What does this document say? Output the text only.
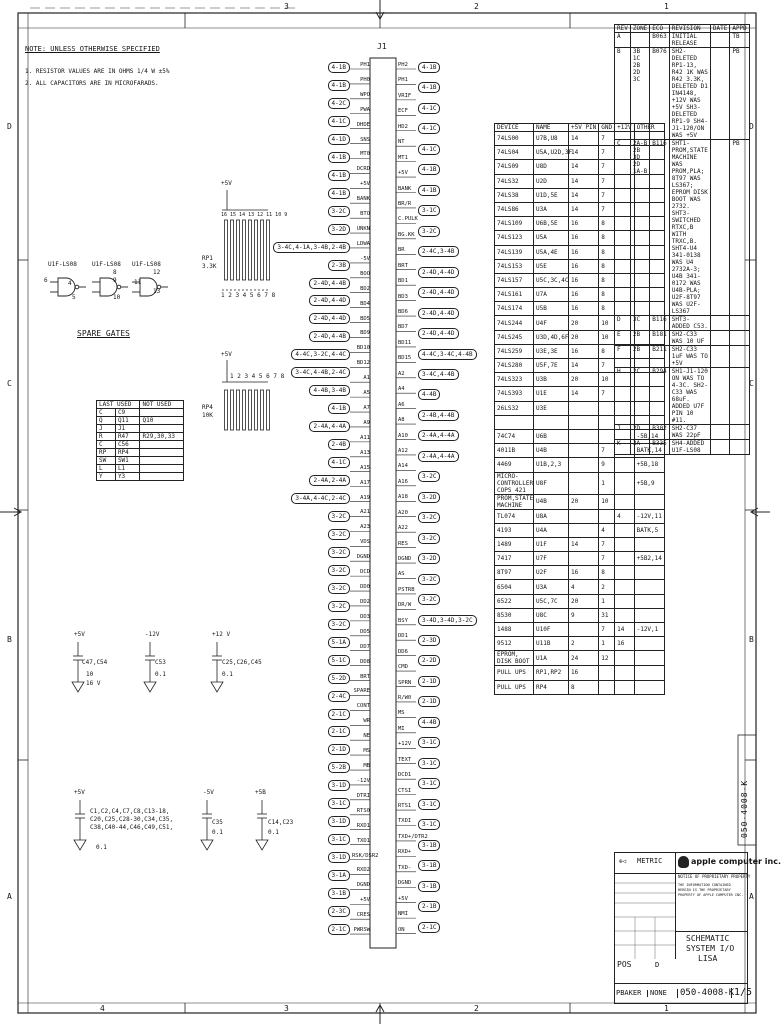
3	2	1
4	3	2	1
D
C
B
A
D
C
B
A
NOTE: UNLESS OTHERWISE SPECIFIED
1. RESISTOR VALUES ARE IN OHMS 1/4 W ±5%
2. ALL CAPACITORS ARE IN MICROFARADS.
U1F-LS08	U1F-LS08 U1F-LS08
6
5
4
8
9
10
11
12
13
SPARE GATES
+5V
16 15 14 13 12 11 10 9
1 2 3 4 5 6 7 8
RP1
3.3K
+5V
1 2 3 4 5 6 7 8
RP4
10K
LAST USED		NOT USED
C	C9	
Q	Q11	Q10
J	J1	
R	R47	R29,30,33
C	C56	
RP	RP4	
SW	SW1	
L	L1	
Y	Y3	
+5V
C47,C54
10
16 V
-12V
C53
0.1
+12 V
C25,C26,C45
0.1
+5V
C1,C2,C4,C7,C8,C13-18, C20,C25,C28-30,C34,C35, C38,C40-44,C46,C49,C51,
0.1
-5V
C35
0.1
+5B
C14,C23
0.1
J1
PH1
PH0
WPO
PWA
DHDE
SNS
MT0
DCRD
+5V
BANK
BTO
UNKN
LDWA
-5V
BOO
BD2
BD4
BD5
BD9
BD10
BD12
A1
A5
A7
A9
A11
A13
A15
A17
A19
A21
A23
VDS
DGND
DCD
DD0
DD2
DD3
DD5
DD7
DD8
BRT
SPARE
CONT
WR
NE
MS
MB
-12V
DTRI
RTS0
RXD1
TXD1
RSK/DSR2
RXD2
DGND
+5V
CRES
PWRSW
PH2
PH1
VRIF
ECF
HD2
NT
MT1
+5V
BANK
BR/R
C.PULK
BG.KK
BR
BRT
BD1
BD3
BD6
BD7
BD11
BD15
A2
A4
A6
A8
A10
A12
A14
A16
A18
A20
A22
RES
DGND
AS
PSTRB
DR/W
BSY
DD1
DD6
CMD
SPRN
R/W0
MS
MI
+12V
TEXT
DCD1
CTSI
RTS1
TXDI
TXD+/DTR2
RXD+
TXD-
DGND
+5V
NMI
ON
4-1B
4-1B
4-2C
4-1C
4-1D
4-1B
4-1B
4-1B
3-2C
3-2D
3-4C,4-1A,3-4B,2-4B
2-3B
2-4D,4-4B
2-4D,4-4D
2-4D,4-4D
2-4D,4-4B
4-4C,3-2C,4-4C
3-4C,4-4B,2-4C
4-4B,3-4B
4-1B
2-4A,4-4A
2-4B
4-1C
2-4A,2-4A
3-4A,4-4C,2-4C
3-2C
3-2C
3-2C
3-2C
3-2C
3-2C
3-2C
5-1A
5-1C
5-2D
2-4C
2-1C
2-1C
2-1D
5-2B
3-1D
3-1C
3-1D
3-1C
3-1D
3-1A
3-1B
2-3C
2-1C
4-1B
4-1B
4-1C
4-1C
4-1C
4-1B
4-1B
3-1C
3-2C
2-4C,3-4B
2-4D,4-4D
2-4D,4-4D
2-4D,4-4D
2-4D,4-4D
4-4C,3-4C,4-4B
3-4C,4-4B
4-4B
2-4B,4-4B
2-4A,4-4A
2-4A,4-4A
3-2C
3-2D
3-2C
3-2C
3-2D
3-2C
3-2C
3-4D,3-4D,3-2C
2-3D
2-2D
2-1D
2-1D
4-4B
3-1C
3-1C
3-1C
3-1C
3-1C
3-1B
3-1B
3-1B
2-1B
2-1C
DEVICE	NAME	+5V PIN	GND	+12V	OTHER
74LS00	U7B,U8	14	7		
74LS04	U5A,U2D,3F	14	7		
74LS09	U8D	14	7		
74LS32	U2D	14	7		
74LS38	U1D,5E	14	7		
74LS86	U3A	14	7		
74LS109	U6B,5E	16	8		
74LS123	U5A	16	8		
74LS139	U5A,4E	16	8		
74LS153	U5E	16	8		
74LS157	U5C,3C,4C	16	8		
74LS161	U7A	16	8		
74LS174	U5B	16	8		
74LS244	U4F	20	10		
74LS245	U3D,4D,6F	20	10		
74LS259	U3E,3E	16	8		
74LS280	U5F,7E	14	7		
74LS323	U3B	20	10		
74LS393	U1E	14	7		
26LS32	U3E				

74C74	U6B				-5B,14
4011B	U4B		7		BATK,14
4469	U1B,2,3		9		+5B,18
MICRO-CONTROLLER COPS 421	U8F		1		+5B,9
PROM,STATE MACHINE	U4B	20	10		
TL074	U8A			4	-12V,11
4193	U4A		4		BATK,5
1489	U1F	14	7		
7417	U7F		7		+5B2,14
8T97	U2F	16	8		
6504	U3A	4	2		
6522	U5C,7C	20	1		
8530	U8C	9	31		
1488	U10F		7	14	-12V,1
9512	U11B	2	1	16	
EPROM, DISK BOOT	U1A	24	12		
PULL UPS	RP1,RP2	16			
PULL UPS	RP4	8			
REV	ZONE	ECO	REVISION	DATE	APPD
A		B063	INITIAL RELEASE		TB
B	3B 1C 2B 2D 3C	B076	SH2-DELETED RP1-13, R42 1K WAS R42 3.3K, DELETED D1 IN4148, +12V WAS +5V SH3-DELETED RP1-9 SH4-J1-120/ON WAS +5V		PB
C	2A-B 2B 3D 2D 1A-B	B116	SHT1-PROM,STATE MACHINE WAS PROM,PLA; 8T97 WAS LS367; EPROM DISK BOOT WAS 2732. SHT3-SWITCHED RTXC,B WITH TRXC,B. SHT4-U4 341-0138 WAS U4 2732A-3; U4B 341-0172 WAS U4B-PLA; U2F-8T97 WAS U2F-LS367		PB
D	3C	B116	SHT3- ADDED C53.		
E	2B	B181	SH2-C33 WAS 10 UF		
F	2B	B211	SH2-C33 1uF WAS TO +5V		
H	2C	B294	SH1-J1-120 ON WAS TO 4-3C. SH2-C33 WAS 68uF. ADDED U7F PIN 10 #11.		
J	2D	B302	SH2-C37 WAS 22pF		
K	3A	B335	SH4-ADDED U1F-LS08		
050-4008-K
⊕◁ METRIC	apple computer inc.
NOTICE OF PROPRIETARY PROPERTY
THE INFORMATION CONTAINED HEREIN IS THE PROPRIETARY PROPERTY OF APPLE COMPUTER INC.
SCHEMATIC
SYSTEM I/O
LISA
D
POS
PBAKER	NONE	050-4008-K 1/5
